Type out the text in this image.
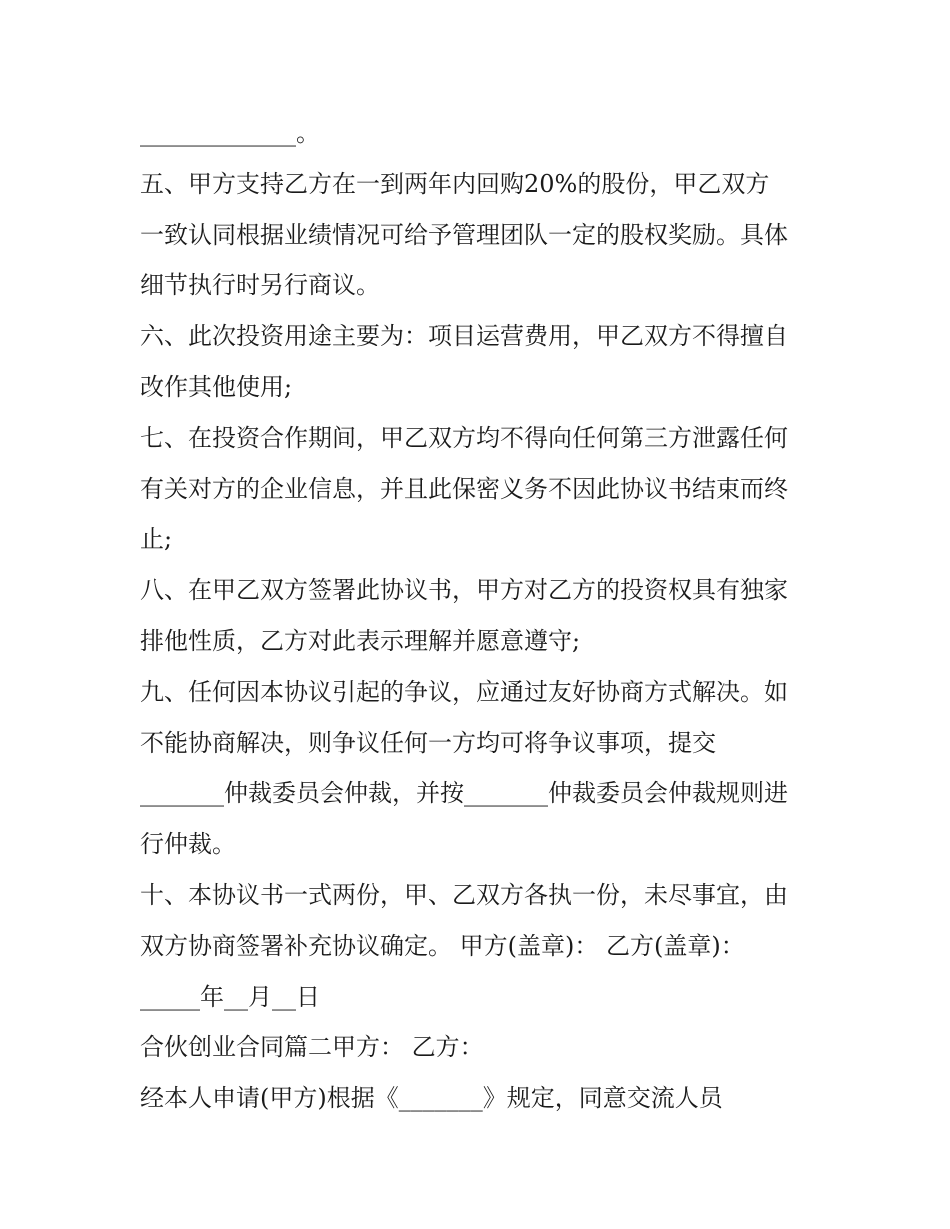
_____________。
五、甲方支持乙方在一到两年内回购20%的股份，甲乙双方
一致认同根据业绩情况可给予管理团队一定的股权奖励。具体
细节执行时另行商议。
六、此次投资用途主要为：项目运营费用，甲乙双方不得擅自
改作其他使用;
七、在投资合作期间，甲乙双方均不得向任何第三方泄露任何
有关对方的企业信息，并且此保密义务不因此协议书结束而终
止;
八、在甲乙双方签署此协议书，甲方对乙方的投资权具有独家
排他性质，乙方对此表示理解并愿意遵守;
九、任何因本协议引起的争议，应通过友好协商方式解决。如
不能协商解决，则争议任何一方均可将争议事项，提交
_______仲裁委员会仲裁，并按_______仲裁委员会仲裁规则进
行仲裁。
十、本协议书一式两份，甲、乙双方各执一份，未尽事宜，由
双方协商签署补充协议确定。 甲方(盖章)： 乙方(盖章)：
_____年__月__日
合伙创业合同篇二甲方： 乙方：
经本人申请(甲方)根据《_______》规定，同意交流人员
